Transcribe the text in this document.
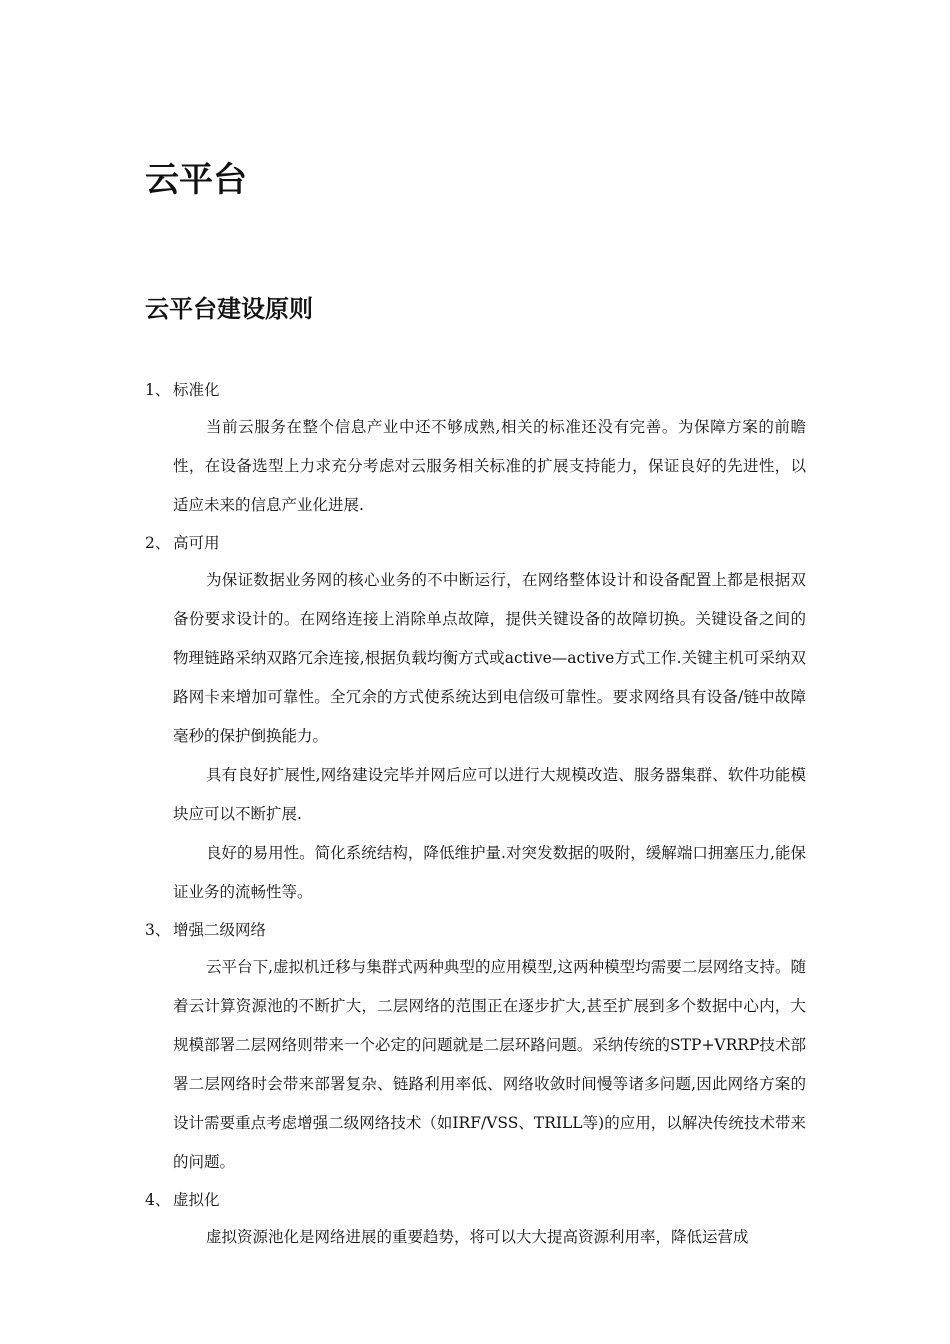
云平台
云平台建设原则
1、 标准化

当前云服务在整个信息产业中还不够成熟,相关的标准还没有完善。为保障方案的前瞻性，在设备选型上力求充分考虑对云服务相关标准的扩展支持能力，保证良好的先进性，以适应未来的信息产业化进展.

2、 高可用

为保证数据业务网的核心业务的不中断运行，在网络整体设计和设备配置上都是根据双备份要求设计的。在网络连接上消除单点故障，提供关键设备的故障切换。关键设备之间的物理链路采纳双路冗余连接,根据负载均衡方式或active—active方式工作.关键主机可采纳双路网卡来增加可靠性。全冗余的方式使系统达到电信级可靠性。要求网络具有设备/链中故障毫秒的保护倒换能力。

具有良好扩展性,网络建设完毕并网后应可以进行大规模改造、服务器集群、软件功能模块应可以不断扩展.

良好的易用性。简化系统结构，降低维护量.对突发数据的吸附，缓解端口拥塞压力,能保证业务的流畅性等。

3、 增强二级网络

云平台下,虚拟机迁移与集群式两种典型的应用模型,这两种模型均需要二层网络支持。随着云计算资源池的不断扩大，二层网络的范围正在逐步扩大,甚至扩展到多个数据中心内，大规模部署二层网络则带来一个必定的问题就是二层环路问题。采纳传统的STP+VRRP技术部署二层网络时会带来部署复杂、链路利用率低、网络收敛时间慢等诸多问题,因此网络方案的设计需要重点考虑增强二级网络技术（如IRF/VSS、TRILL等)的应用，以解决传统技术带来的问题。

4、 虚拟化

虚拟资源池化是网络进展的重要趋势，将可以大大提高资源利用率，降低运营成
